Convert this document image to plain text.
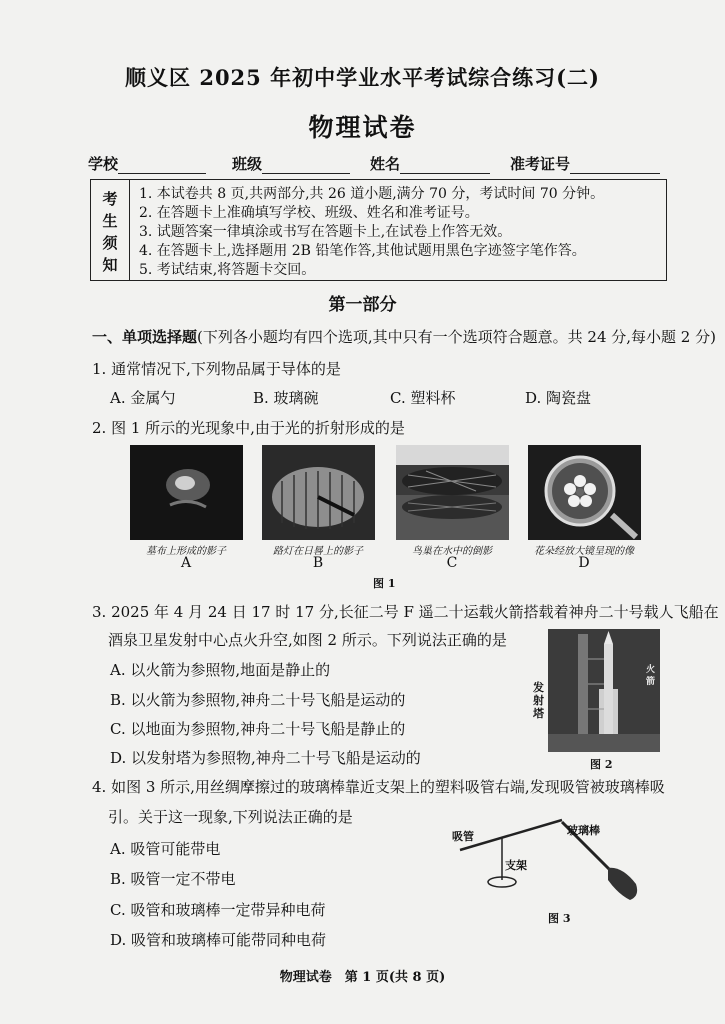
顺义区 2025 年初中学业水平考试综合练习(二)
物理试卷
学校	班级	姓名	准考证号
考
生
须
知
1. 本试卷共 8 页,共两部分,共 26 道小题,满分 70 分，考试时间 70 分钟。
2. 在答题卡上准确填写学校、班级、姓名和准考证号。
3. 试题答案一律填涂或书写在答题卡上,在试卷上作答无效。
4. 在答题卡上,选择题用 2B 铅笔作答,其他试题用黑色字迹签字笔作答。
5. 考试结束,将答题卡交回。
第一部分
一、单项选择题(下列各小题均有四个选项,其中只有一个选项符合题意。共 24 分,每小题 2 分)
1. 通常情况下,下列物品属于导体的是
A. 金属勺	B. 玻璃碗	C. 塑料杯	D. 陶瓷盘
2. 图 1 所示的光现象中,由于光的折射形成的是
墓布上形成的影子	路灯在日晷上的影子	鸟巢在水中的倒影	花朵经放大镜呈现的像
A	B	C	D
图 1
3. 2025 年 4 月 24 日 17 时 17 分,长征二号 F 遥二十运载火箭搭载着神舟二十号载人飞船在
酒泉卫星发射中心点火升空,如图 2 所示。下列说法正确的是
A. 以火箭为参照物,地面是静止的
B. 以火箭为参照物,神舟二十号飞船是运动的
C. 以地面为参照物,神舟二十号飞船是静止的
D. 以发射塔为参照物,神舟二十号飞船是运动的
发射塔
火箭
图 2
4. 如图 3 所示,用丝绸摩擦过的玻璃棒靠近支架上的塑料吸管右端,发现吸管被玻璃棒吸
引。关于这一现象,下列说法正确的是
A. 吸管可能带电
B. 吸管一定不带电
C. 吸管和玻璃棒一定带异种电荷
D. 吸管和玻璃棒可能带同种电荷
吸管	玻璃棒
支架
图 3
物理试卷　第 1 页(共 8 页)
